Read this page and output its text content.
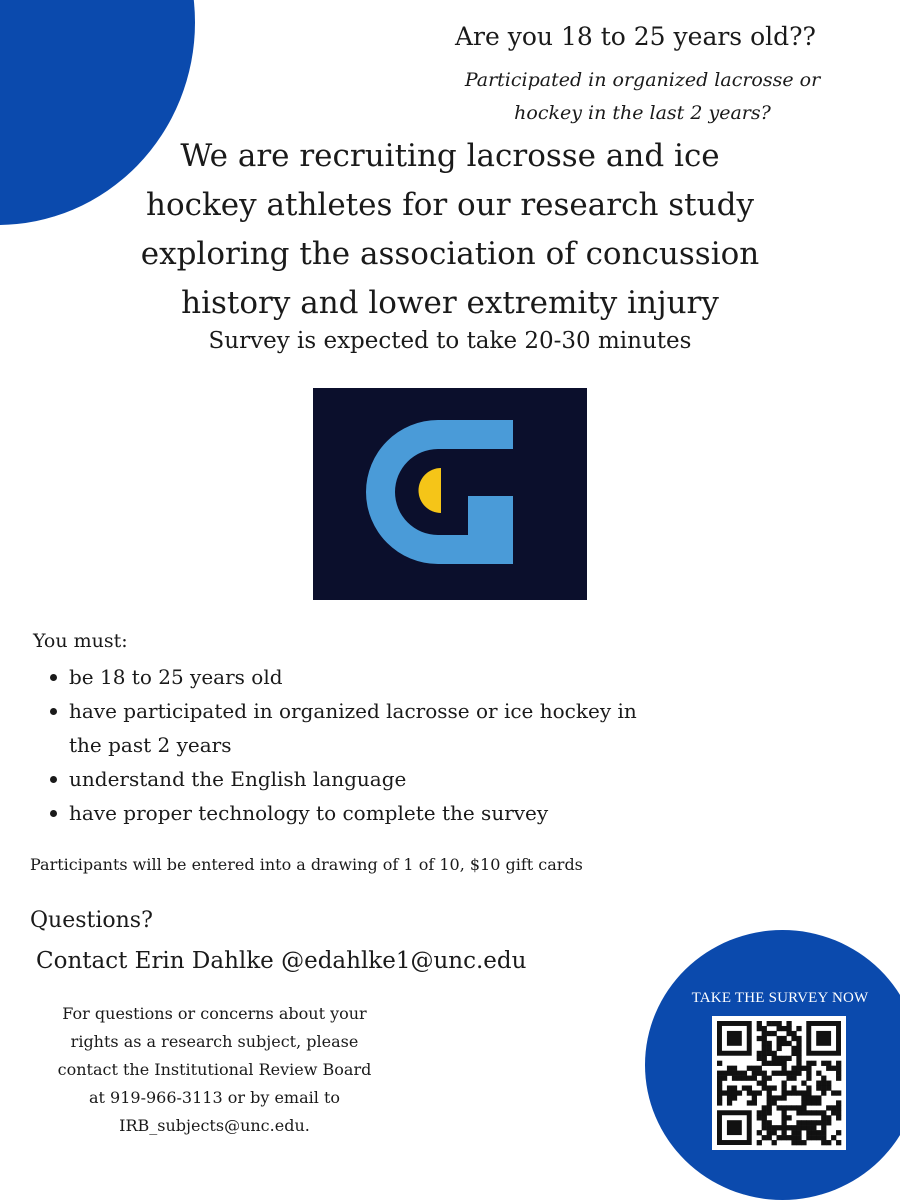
Are you 18 to 25 years old??
Participated in organized lacrosse or
hockey in the last 2 years?
We are recruiting lacrosse and ice
hockey athletes for our research study
exploring the association of concussion
history and lower extremity injury
Survey is expected to take 20-30 minutes
You must:
be 18 to 25 years old
have participated in organized lacrosse or ice hockey in the past 2 years
understand the English language
have proper technology to complete the survey
Participants will be entered into a drawing of 1 of 10, $10 gift cards
Questions?
Contact Erin Dahlke @edahlke1@unc.edu
For questions or concerns about your
rights as a research subject, please
contact the Institutional Review Board
at 919-966-3113 or by email to
IRB_subjects@unc.edu.
TAKE THE SURVEY NOW
